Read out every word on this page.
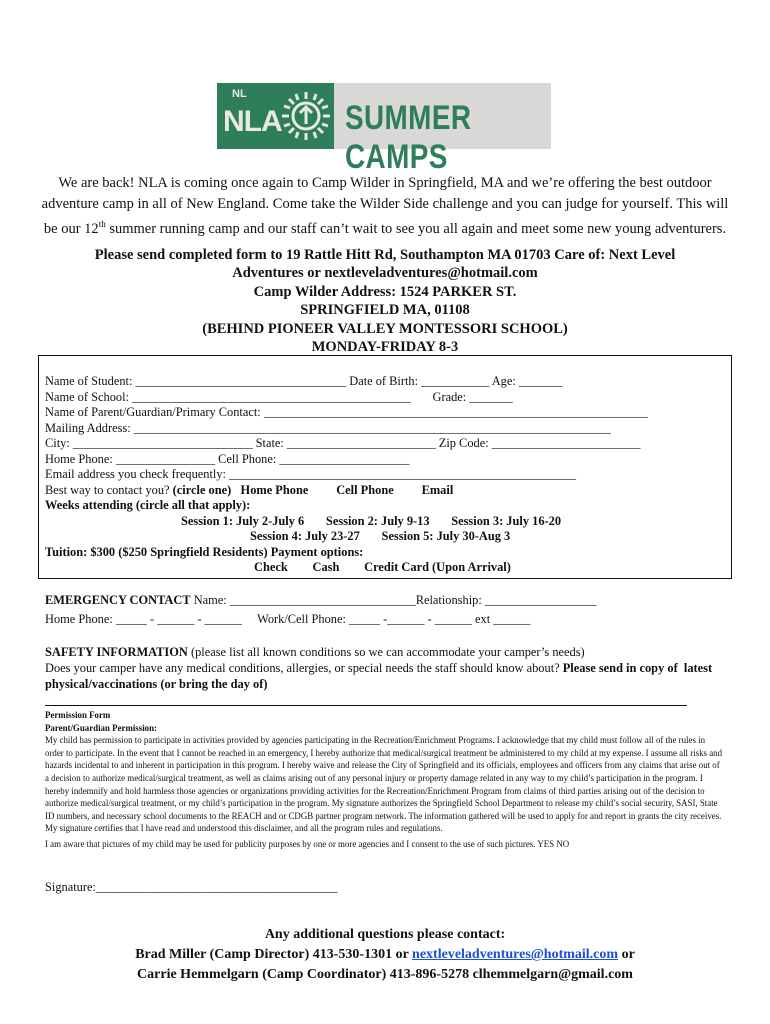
NL
NLA SUMMER CAMPS
We are back! NLA is coming once again to Camp Wilder in Springfield, MA and we’re offering the best outdoor adventure camp in all of New England. Come take the Wilder Side challenge and you can judge for yourself. This will be our 12th summer running camp and our staff can’t wait to see you all again and meet some new young adventurers.
Please send completed form to 19 Rattle Hitt Rd, Southampton MA 01703 Care of: Next Level
Adventures or nextleveladventures@hotmail.com
Camp Wilder Address: 1524 PARKER ST.
SPRINGFIELD MA, 01108
(BEHIND PIONEER VALLEY MONTESSORI SCHOOL)
MONDAY-FRIDAY 8-3
Name of Student: __________________________________ Date of Birth: ___________ Age: _______
Name of School: _____________________________________________       Grade: _______
Name of Parent/Guardian/Primary Contact: ______________________________________________________________
Mailing Address: _____________________________________________________________________________
City: _____________________________ State: ________________________ Zip Code: ________________________
Home Phone: ________________ Cell Phone: _____________________
Email address you check frequently: ________________________________________________________
Best way to contact you? (circle one)   Home Phone         Cell Phone         Email
Weeks attending (circle all that apply):
Session 1: July 2-July 6       Session 2: July 9-13       Session 3: July 16-20
Session 4: July 23-27       Session 5: July 30-Aug 3
Tuition: $300 ($250 Springfield Residents) Payment options:
Check        Cash        Credit Card (Upon Arrival)
EMERGENCY CONTACT Name: ______________________________Relationship: __________________
Home Phone: _____ - ______ - ______     Work/Cell Phone: _____ -______ - ______ ext ______
SAFETY INFORMATION (please list all known conditions so we can accommodate your camper’s needs)
Does your camper have any medical conditions, allergies, or special needs the staff should know about? Please send in copy of  latest
physical/vaccinations (or bring the day of)
Permission Form
Parent/Guardian Permission:
My child has permission to participate in activities provided by agencies participating in the Recreation/Enrichment Programs. I acknowledge that my child must follow all of the rules in order to participate. In the event that I cannot be reached in an emergency, I hereby authorize that medical/surgical treatment be administered to my child at my expense. I assume all risks and hazards incidental to and inherent in participation in this program. I hereby waive and release the City of Springfield and its officials, employees and officers from any claims that arise out of a decision to authorize medical/surgical treatment, as well as claims arising out of any personal injury or property damage related in any way to my child’s participation in the program. I hereby indemnify and hold harmless those agencies or organizations providing activities for the Recreation/Enrichment Program from claims of third parties arising out of the decision to authorize medical/surgical treatment, or my child’s participation in the program. My signature authorizes the Springfield School Department to release my child’s social security, SASI, State ID numbers, and necessary school documents to the REACH and or CDGB partner program network. The information gathered will be used to apply for and report in grants the city receives. My signature certifies that I have read and understood this disclaimer, and all the program rules and regulations.
I am aware that pictures of my child may be used for publicity purposes by one or more agencies and I consent to the use of such pictures. YES NO
Signature:_______________________________________
Any additional questions please contact:
Brad Miller (Camp Director) 413-530-1301 or nextleveladventures@hotmail.com or
Carrie Hemmelgarn (Camp Coordinator) 413-896-5278 clhemmelgarn@gmail.com
